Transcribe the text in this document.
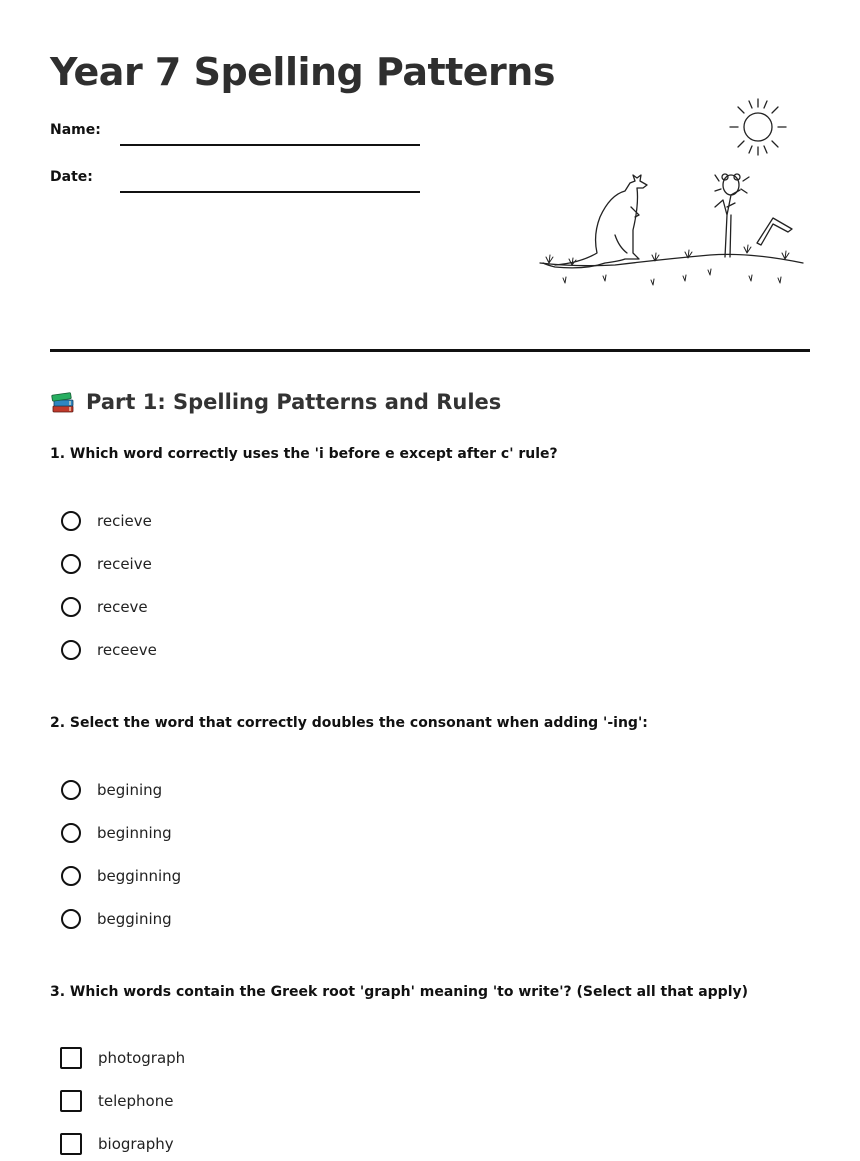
Year 7 Spelling Patterns
Name:
Date:
Part 1: Spelling Patterns and Rules

1. Which word correctly uses the 'i before e except after c' rule?

recieve
receive
receve
receeve

2. Select the word that correctly doubles the consonant when adding '-ing':

begining
beginning
begginning
beggining

3. Which words contain the Greek root 'graph' meaning 'to write'? (Select all that apply)

photograph
telephone
biography
